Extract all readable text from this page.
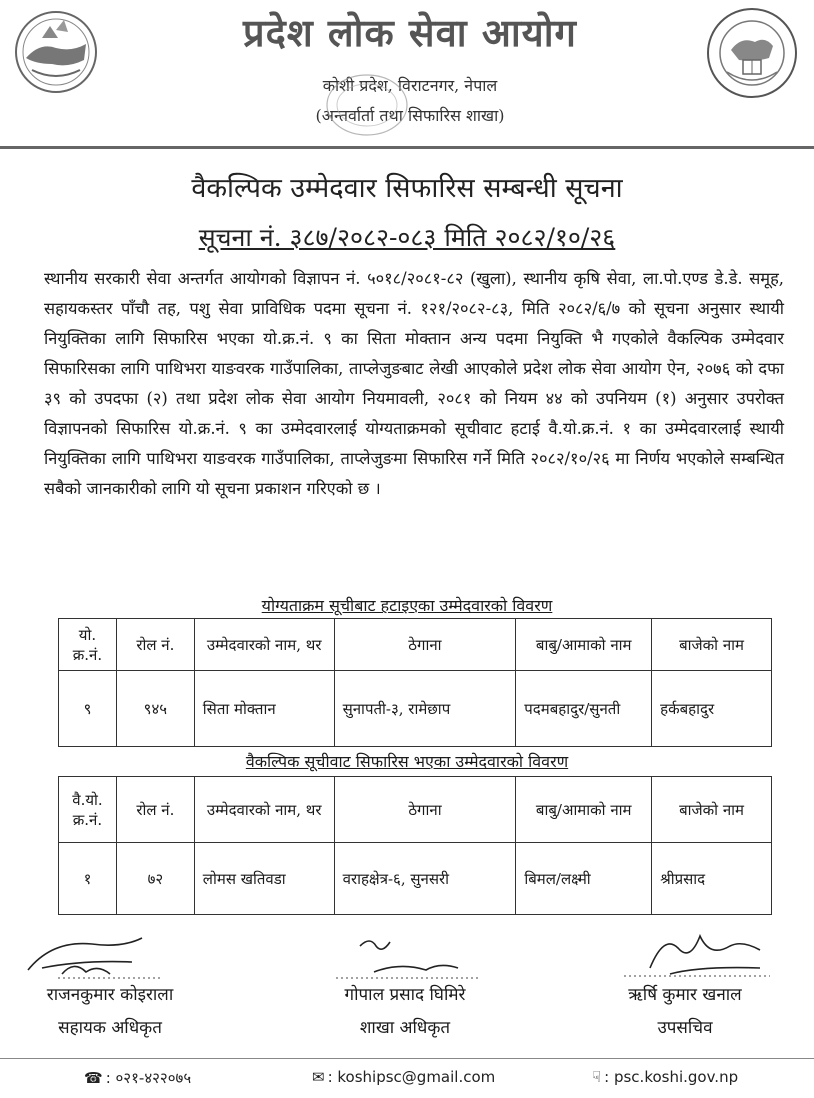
प्रदेश लोक सेवा आयोग
कोशी प्रदेश, विराटनगर, नेपाल
(अन्तर्वार्ता तथा सिफारिस शाखा)
वैकल्पिक उम्मेदवार सिफारिस सम्बन्धी सूचना
सूचना नं. ३८७/२०८२-०८३ मिति २०८२/१०/२६
स्थानीय सरकारी सेवा अन्तर्गत आयोगको विज्ञापन नं. ५०१८/२०८१-८२ (खुला), स्थानीय कृषि सेवा, ला.पो.एण्ड डे.डे. समूह, सहायकस्तर पाँचौ तह, पशु सेवा प्राविधिक पदमा सूचना नं. १२१/२०८२-८३, मिति २०८२/६/७ को सूचना अनुसार स्थायी नियुक्तिका लागि सिफारिस भएका यो.क्र.नं. ९ का सिता मोक्तान अन्य पदमा नियुक्ति भै गएकोले वैकल्पिक उम्मेदवार सिफारिसका लागि पाथिभरा याङवरक गाउँपालिका, ताप्लेजुङबाट लेखी आएकोले प्रदेश लोक सेवा आयोग ऐन, २०७६ को दफा ३९ को उपदफा (२) तथा प्रदेश लोक सेवा आयोग नियमावली, २०८१ को नियम ४४ को उपनियम (१) अनुसार उपरोक्त विज्ञापनको सिफारिस यो.क्र.नं. ९ का उम्मेदवारलाई योग्यताक्रमको सूचीवाट हटाई वै.यो.क्र.नं. १ का उम्मेदवारलाई स्थायी नियुक्तिका लागि पाथिभरा याङवरक गाउँपालिका, ताप्लेजुङमा सिफारिस गर्ने मिति २०८२/१०/२६ मा निर्णय भएकोले सम्बन्धित सबैको जानकारीको लागि यो सूचना प्रकाशन गरिएको छ ।
योग्यताक्रम सूचीबाट हटाइएका उम्मेदवारको विवरण
यो. क्र.नं.	रोल नं.	उम्मेदवारको नाम, थर	ठेगाना	बाबु/आमाको नाम	बाजेको नाम
९	९४५	सिता मोक्तान	सुनापती-३, रामेछाप	पदमबहादुर/सुनती	हर्कबहादुर
वैकल्पिक सूचीवाट सिफारिस भएका उम्मेदवारको विवरण
वै.यो. क्र.नं.	रोल नं.	उम्मेदवारको नाम, थर	ठेगाना	बाबु/आमाको नाम	बाजेको नाम
१	७२	लोमस खतिवडा	वराहक्षेत्र-६, सुनसरी	बिमल/लक्ष्मी	श्रीप्रसाद
राजनकुमार कोइराला
सहायक अधिकृत
गोपाल प्रसाद घिमिरे
शाखा अधिकृत
ऋर्षि कुमार खनाल
उपसचिव
☎ : ०२१-४२२०७५	✉ : koshipsc@gmail.com	☟ : psc.koshi.gov.np
